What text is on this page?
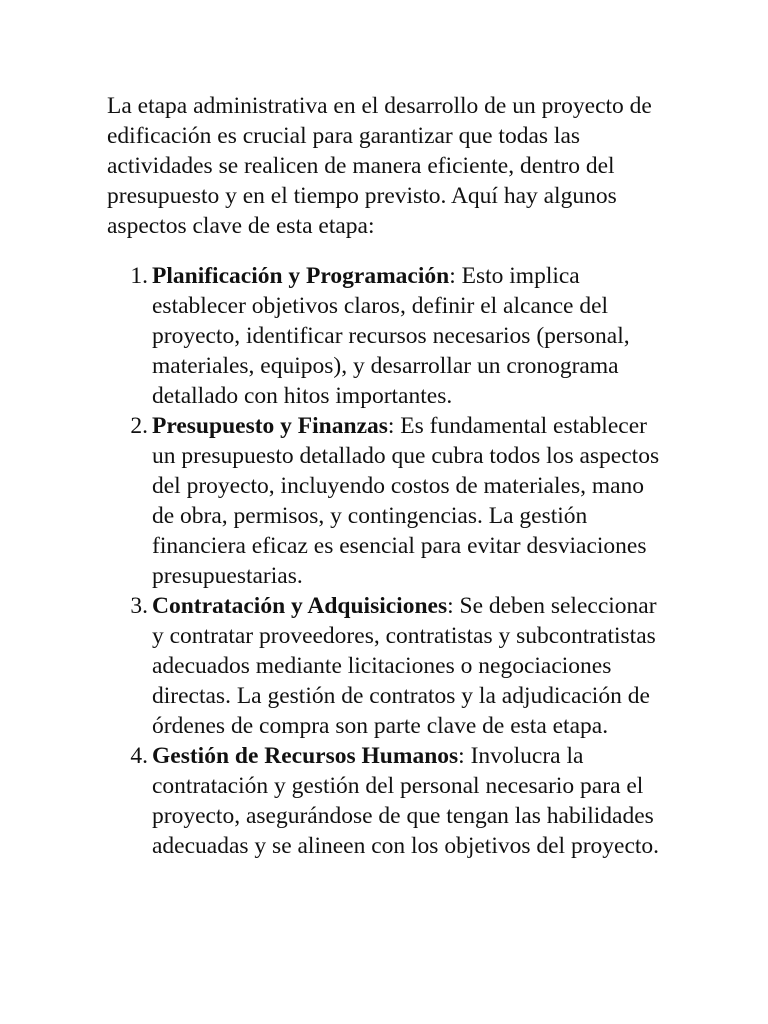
La etapa administrativa en el desarrollo de un proyecto de edificación es crucial para garantizar que todas las actividades se realicen de manera eficiente, dentro del presupuesto y en el tiempo previsto. Aquí hay algunos aspectos clave de esta etapa:

1. Planificación y Programación: Esto implica establecer objetivos claros, definir el alcance del proyecto, identificar recursos necesarios (personal, materiales, equipos), y desarrollar un cronograma detallado con hitos importantes.
2. Presupuesto y Finanzas: Es fundamental establecer un presupuesto detallado que cubra todos los aspectos del proyecto, incluyendo costos de materiales, mano de obra, permisos, y contingencias. La gestión financiera eficaz es esencial para evitar desviaciones presupuestarias.
3. Contratación y Adquisiciones: Se deben seleccionar y contratar proveedores, contratistas y subcontratistas adecuados mediante licitaciones o negociaciones directas. La gestión de contratos y la adjudicación de órdenes de compra son parte clave de esta etapa.
4. Gestión de Recursos Humanos: Involucra la contratación y gestión del personal necesario para el proyecto, asegurándose de que tengan las habilidades adecuadas y se alineen con los objetivos del proyecto.
